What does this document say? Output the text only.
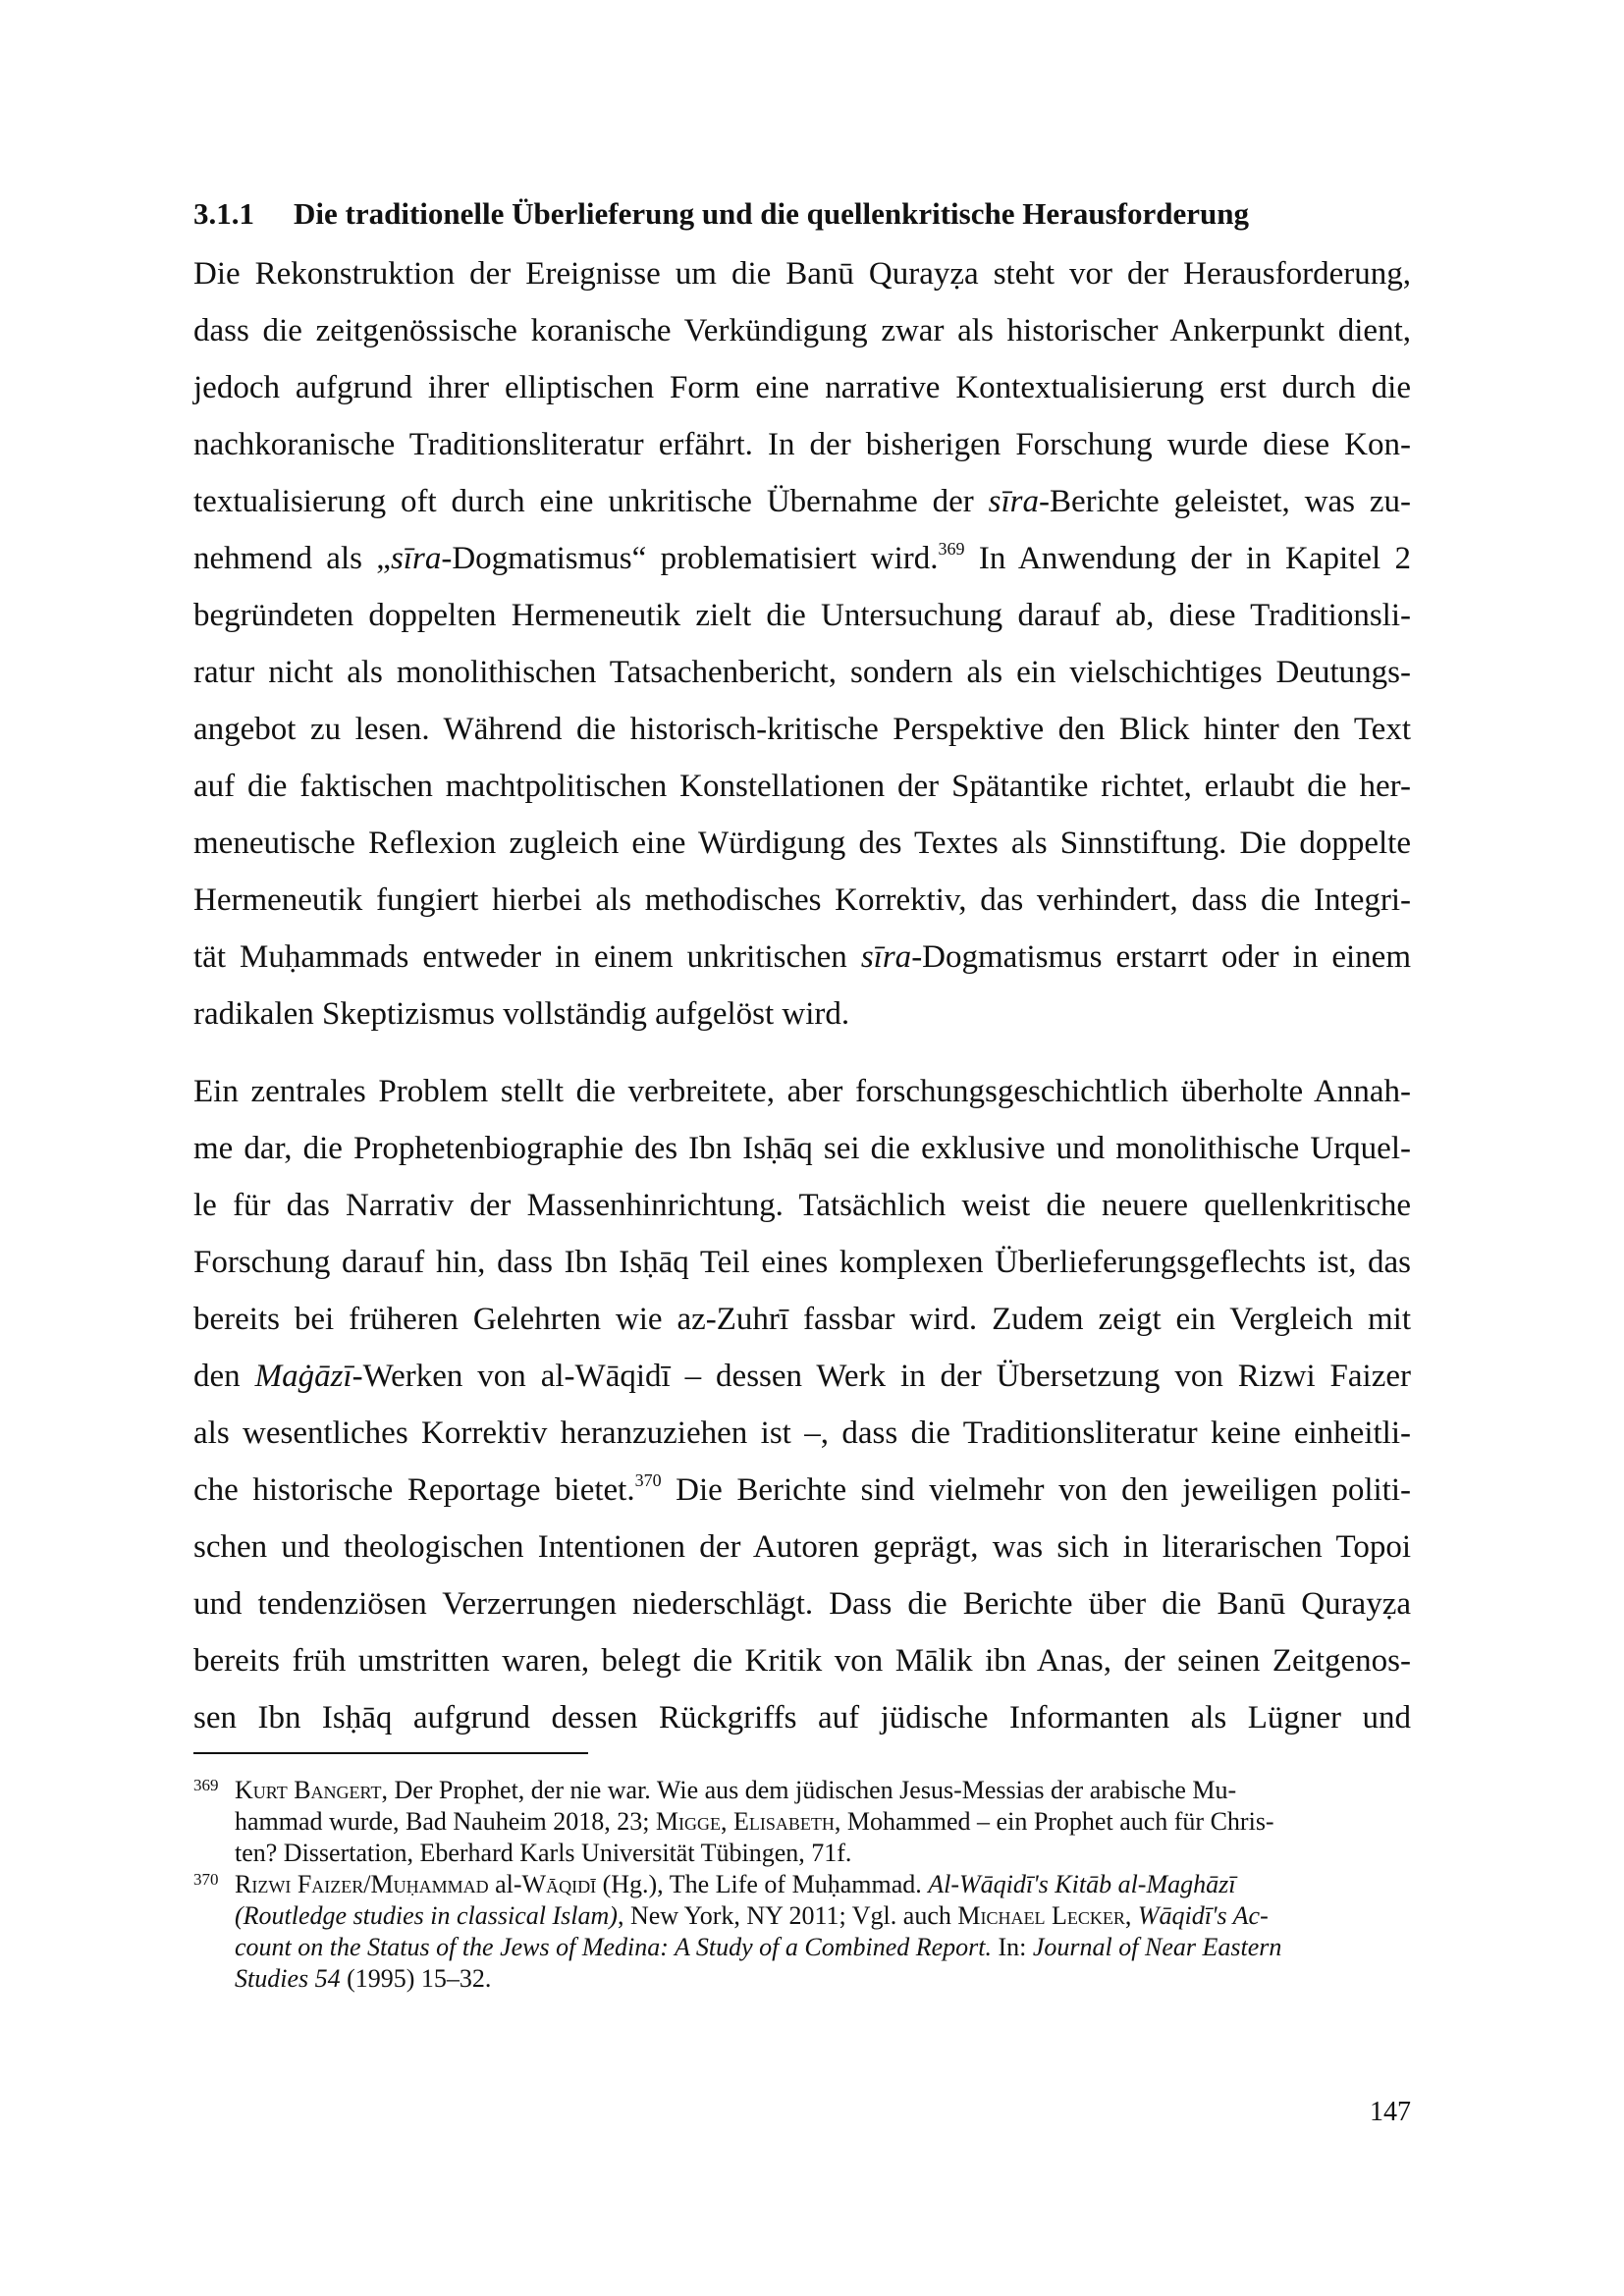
3.1.1 Die traditionelle Überlieferung und die quellenkritische Herausforderung
Die Rekonstruktion der Ereignisse um die Banū Qurayẓa steht vor der Herausforderung,
dass die zeitgenössische koranische Verkündigung zwar als historischer Ankerpunkt dient,
jedoch aufgrund ihrer elliptischen Form eine narrative Kontextualisierung erst durch die
nachkoranische Traditionsliteratur erfährt. In der bisherigen Forschung wurde diese Kon-
textualisierung oft durch eine unkritische Übernahme der sīra-Berichte geleistet, was zu-
nehmend als „sīra-Dogmatismus“ problematisiert wird.$^{369}$ In Anwendung der in Kapitel 2
begründeten doppelten Hermeneutik zielt die Untersuchung darauf ab, diese Traditionsli-
ratur nicht als monolithischen Tatsachenbericht, sondern als ein vielschichtiges Deutungs-
angebot zu lesen. Während die historisch-kritische Perspektive den Blick hinter den Text
auf die faktischen machtpolitischen Konstellationen der Spätantike richtet, erlaubt die her-
meneutische Reflexion zugleich eine Würdigung des Textes als Sinnstiftung. Die doppelte
Hermeneutik fungiert hierbei als methodisches Korrektiv, das verhindert, dass die Integri-
tät Muḥammads entweder in einem unkritischen sīra-Dogmatismus erstarrt oder in einem
radikalen Skeptizismus vollständig aufgelöst wird.
Ein zentrales Problem stellt die verbreitete, aber forschungsgeschichtlich überholte Annah-
me dar, die Prophetenbiographie des Ibn Isḥāq sei die exklusive und monolithische Urquel-
le für das Narrativ der Massenhinrichtung. Tatsächlich weist die neuere quellenkritische
Forschung darauf hin, dass Ibn Isḥāq Teil eines komplexen Überlieferungsgeflechts ist, das
bereits bei früheren Gelehrten wie az-Zuhrī fassbar wird. Zudem zeigt ein Vergleich mit
den Maġāzī-Werken von al-Wāqidī – dessen Werk in der Übersetzung von Rizwi Faizer
als wesentliches Korrektiv heranzuziehen ist –, dass die Traditionsliteratur keine einheitli-
che historische Reportage bietet.$^{370}$ Die Berichte sind vielmehr von den jeweiligen politi-
schen und theologischen Intentionen der Autoren geprägt, was sich in literarischen Topoi
und tendenziösen Verzerrungen niederschlägt. Dass die Berichte über die Banū Qurayẓa
bereits früh umstritten waren, belegt die Kritik von Mālik ibn Anas, der seinen Zeitgenos-
sen Ibn Isḥāq aufgrund dessen Rückgriffs auf jüdische Informanten als Lügner und
369 Kurt Bangert, Der Prophet, der nie war. Wie aus dem jüdischen Jesus-Messias der arabische Mu-
hammad wurde, Bad Nauheim 2018, 23; Migge, Elisabeth, Mohammed – ein Prophet auch für Chris-
ten? Dissertation, Eberhard Karls Universität Tübingen, 71f.
370 Rizwi Faizer/Muḥammad al-Wāqidī (Hg.), The Life of Muḥammad. Al-Wāqidī's Kitāb al-Maghāzī
(Routledge studies in classical Islam), New York, NY 2011; Vgl. auch Michael Lecker, Wāqidī's Ac-
count on the Status of the Jews of Medina: A Study of a Combined Report. In: Journal of Near Eastern
Studies 54 (1995) 15–32.
147
